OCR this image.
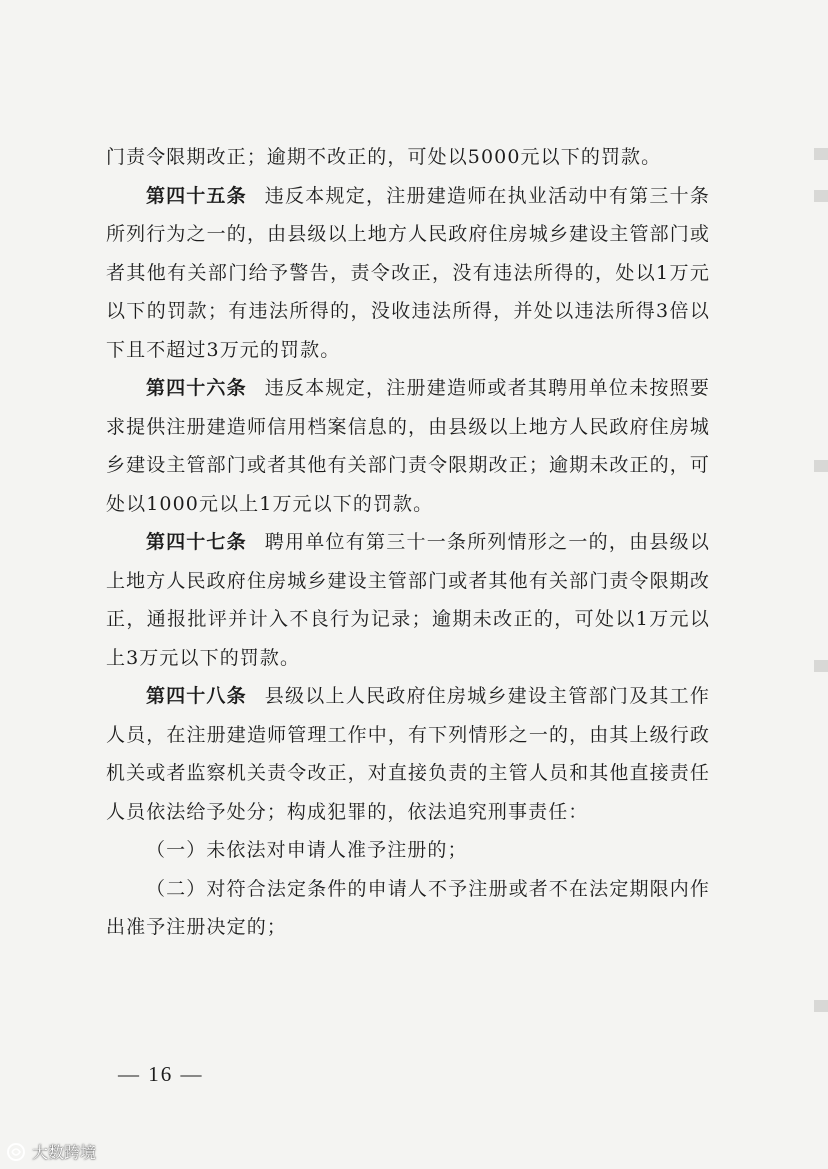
门责令限期改正；逾期不改正的，可处以5000元以下的罚款。

第四十五条 违反本规定，注册建造师在执业活动中有第三十条所列行为之一的，由县级以上地方人民政府住房城乡建设主管部门或者其他有关部门给予警告，责令改正，没有违法所得的，处以1万元以下的罚款；有违法所得的，没收违法所得，并处以违法所得3倍以下且不超过3万元的罚款。

第四十六条 违反本规定，注册建造师或者其聘用单位未按照要求提供注册建造师信用档案信息的，由县级以上地方人民政府住房城乡建设主管部门或者其他有关部门责令限期改正；逾期未改正的，可处以1000元以上1万元以下的罚款。

第四十七条 聘用单位有第三十一条所列情形之一的，由县级以上地方人民政府住房城乡建设主管部门或者其他有关部门责令限期改正，通报批评并计入不良行为记录；逾期未改正的，可处以1万元以上3万元以下的罚款。

第四十八条 县级以上人民政府住房城乡建设主管部门及其工作人员，在注册建造师管理工作中，有下列情形之一的，由其上级行政机关或者监察机关责令改正，对直接负责的主管人员和其他直接责任人员依法给予处分；构成犯罪的，依法追究刑事责任：

（一）未依法对申请人准予注册的；

（二）对符合法定条件的申请人不予注册或者不在法定期限内作出准予注册决定的；

— 16 —
大数跨境
